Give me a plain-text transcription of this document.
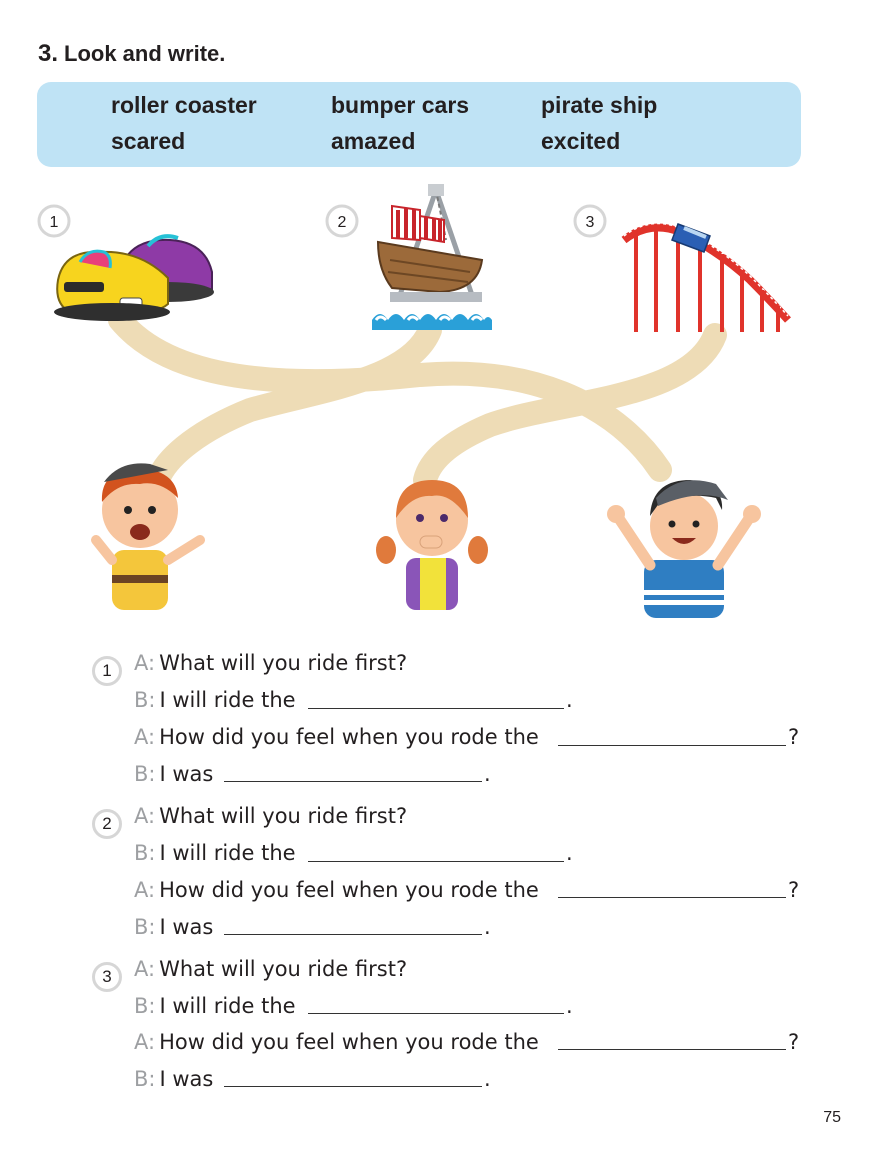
3. Look and write.
roller coaster	bumper cars	pirate ship
scared	amazed	excited
1	2	3
1	A: What will you ride first?
B: I will ride the	.
A: How did you feel when you rode the	?
B: I was	.
2	A: What will you ride first?
B: I will ride the	.
A: How did you feel when you rode the	?
B: I was	.
3	A: What will you ride first?
B: I will ride the	.
A: How did you feel when you rode the	?
B: I was	.
75
